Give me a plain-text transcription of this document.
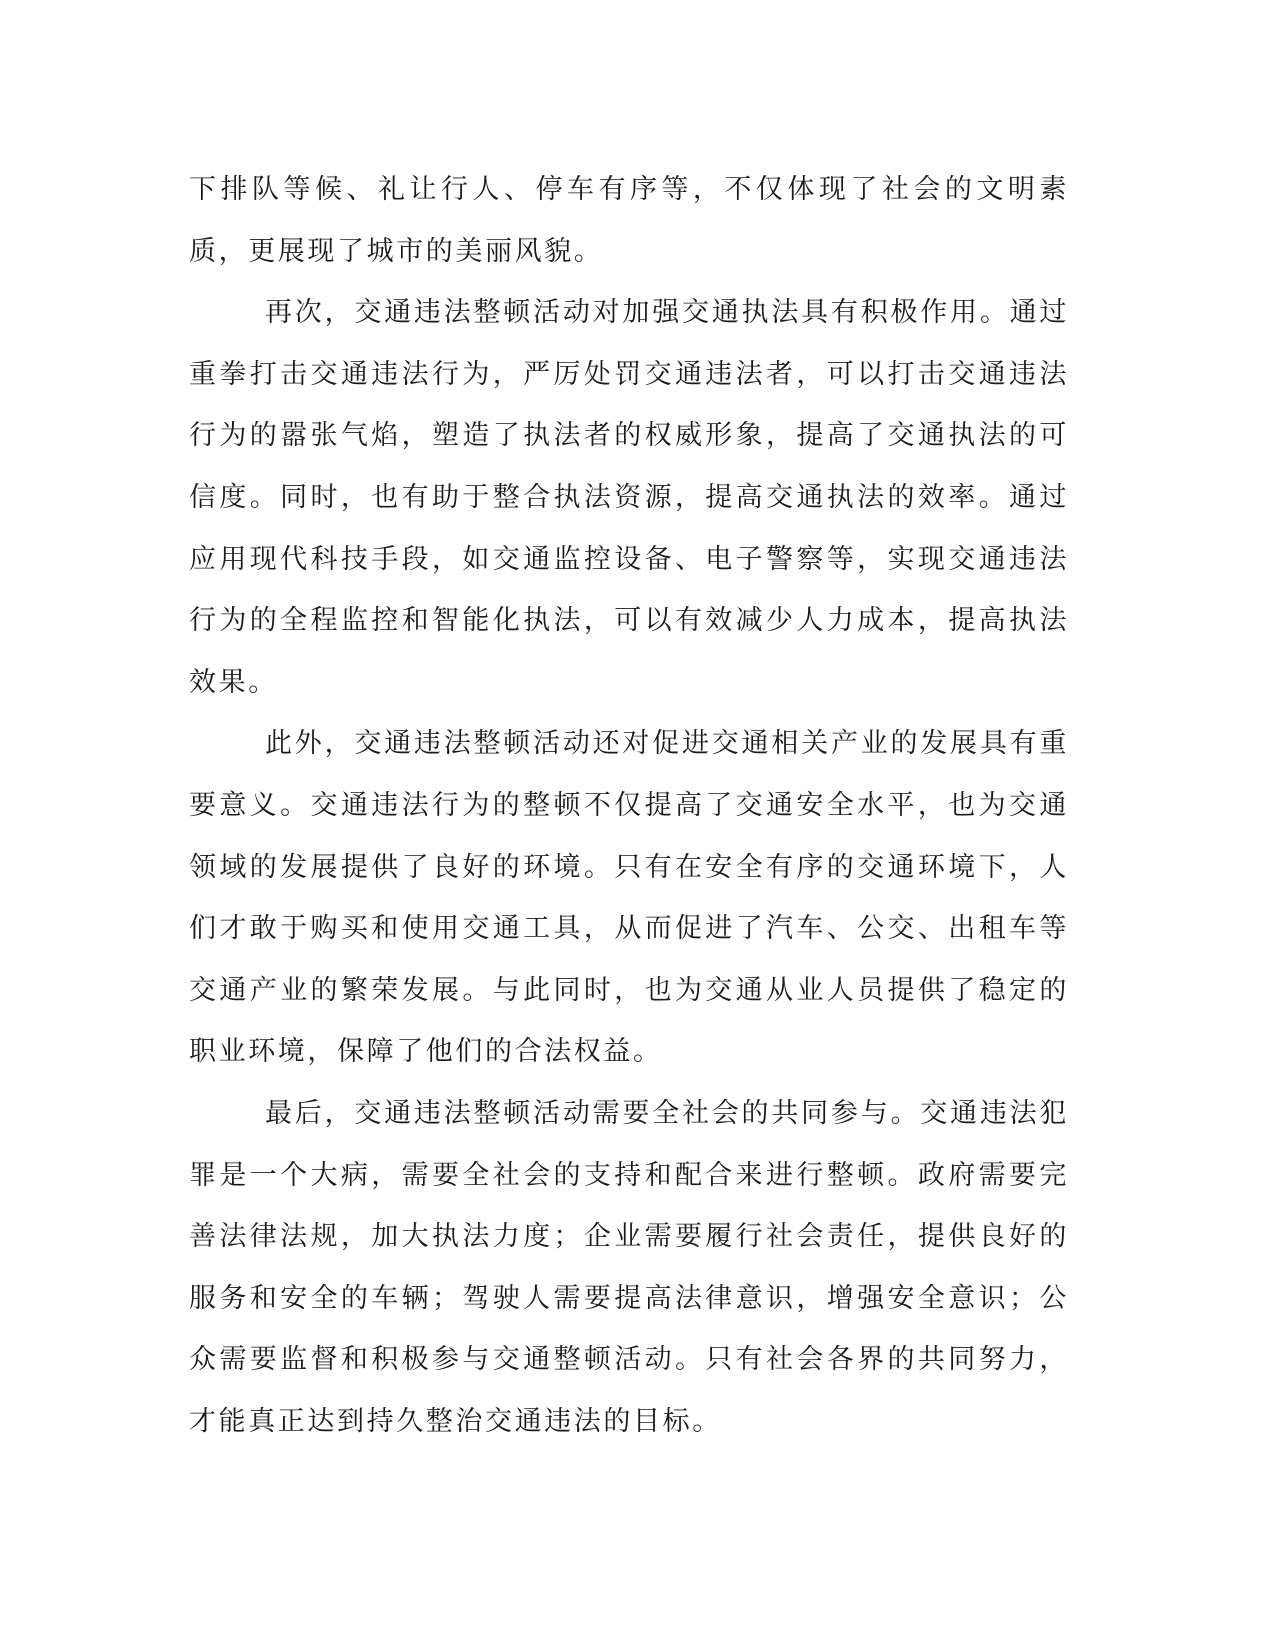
下排队等候、礼让行人、停车有序等，不仅体现了社会的文明素质，更展现了城市的美丽风貌。

再次，交通违法整顿活动对加强交通执法具有积极作用。通过重拳打击交通违法行为，严厉处罚交通违法者，可以打击交通违法行为的嚣张气焰，塑造了执法者的权威形象，提高了交通执法的可信度。同时，也有助于整合执法资源，提高交通执法的效率。通过应用现代科技手段，如交通监控设备、电子警察等，实现交通违法行为的全程监控和智能化执法，可以有效减少人力成本，提高执法效果。

此外，交通违法整顿活动还对促进交通相关产业的发展具有重要意义。交通违法行为的整顿不仅提高了交通安全水平，也为交通领域的发展提供了良好的环境。只有在安全有序的交通环境下，人们才敢于购买和使用交通工具，从而促进了汽车、公交、出租车等交通产业的繁荣发展。与此同时，也为交通从业人员提供了稳定的职业环境，保障了他们的合法权益。

最后，交通违法整顿活动需要全社会的共同参与。交通违法犯罪是一个大病，需要全社会的支持和配合来进行整顿。政府需要完善法律法规，加大执法力度；企业需要履行社会责任，提供良好的服务和安全的车辆；驾驶人需要提高法律意识，增强安全意识；公众需要监督和积极参与交通整顿活动。只有社会各界的共同努力，才能真正达到持久整治交通违法的目标。
